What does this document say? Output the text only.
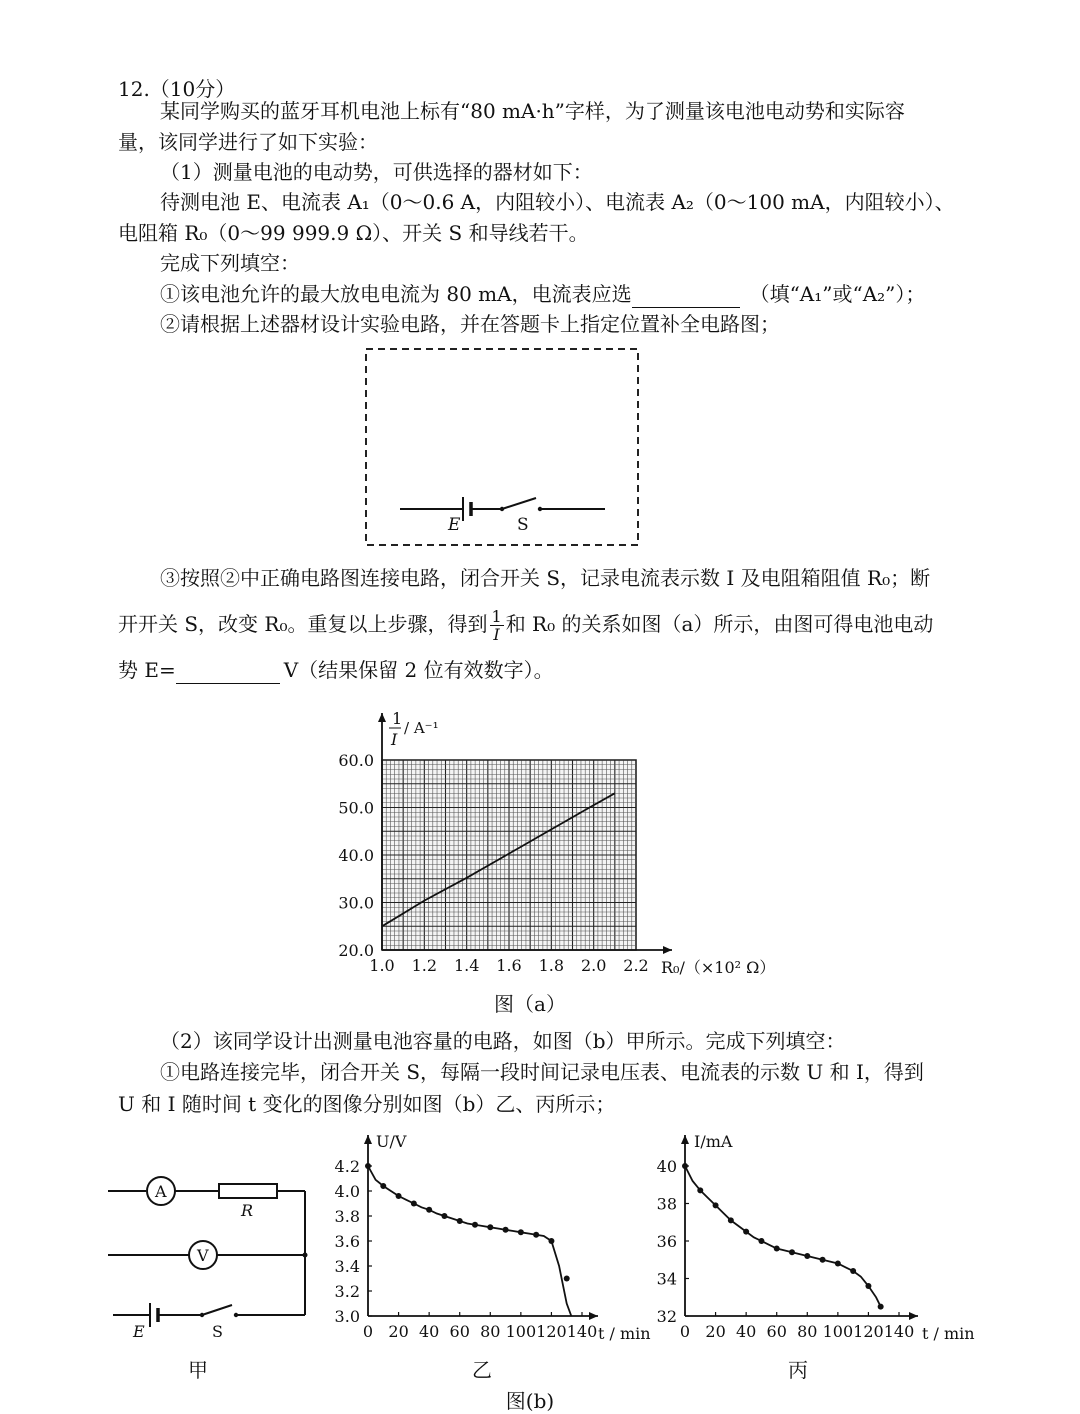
12.（10分）
某同学购买的蓝牙耳机电池上标有“80 mA·h”字样，为了测量该电池电动势和实际容
量，该同学进行了如下实验：
（1）测量电池的电动势，可供选择的器材如下：
待测电池 E、电流表 A₁（0～0.6 A，内阻较小）、电流表 A₂（0～100 mA，内阻较小）、
电阻箱 R₀（0～99 999.9 Ω）、开关 S 和导线若干。
完成下列填空：
①该电池允许的最大放电电流为 80 mA，电流表应选	（填“A₁”或“A₂”）；
②请根据上述器材设计实验电路，并在答题卡上指定位置补全电路图；
E	S
③按照②中正确电路图连接电路，闭合开关 S，记录电流表示数 I 及电阻箱阻值 R₀；断
开开关 S，改变 R₀。重复以上步骤，得到 $\frac{1}{I}$ 和 R₀ 的关系如图（a）所示，由图可得电池电动
势 E=	V（结果保留 2 位有效数字）。
1.0 1.2 1.4 1.6 1.8 2.0 2.2
20.0
30.0
40.0
50.0
60.0
1
I
/ A⁻¹
R₀/（×10² Ω）
图（a）
（2）该同学设计出测量电池容量的电路，如图（b）甲所示。完成下列填空：
①电路连接完毕，闭合开关 S，每隔一段时间记录电压表、电流表的示数 U 和 I，得到
U 和 I 随时间 t 变化的图像分别如图（b）乙、丙所示；
A
R
V
E	S
甲
0 20 40 60 80 100 120 140
3.0
3.2
3.4
3.6
3.8
4.0
4.2
U/V
t / min
乙
0 20 40 60 80 100 120 140
32
34
36
38
40
I/mA
t / min
丙
图(b)
